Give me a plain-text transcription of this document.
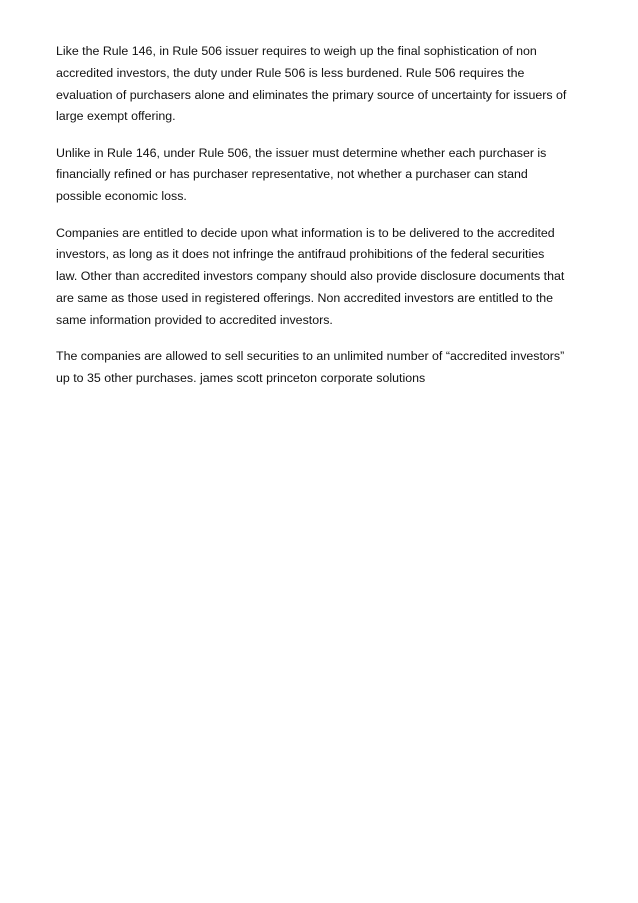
Like the Rule 146, in Rule 506 issuer requires to weigh up the final sophistication of non
accredited investors, the duty under Rule 506 is less burdened. Rule 506 requires the
evaluation of purchasers alone and eliminates the primary source of uncertainty for issuers of
large exempt offering.

Unlike in Rule 146, under Rule 506, the issuer must determine whether each purchaser is
financially refined or has purchaser representative, not whether a purchaser can stand
possible economic loss.

Companies are entitled to decide upon what information is to be delivered to the accredited
investors, as long as it does not infringe the antifraud prohibitions of the federal securities
law. Other than accredited investors company should also provide disclosure documents that
are same as those used in registered offerings. Non accredited investors are entitled to the
same information provided to accredited investors.

The companies are allowed to sell securities to an unlimited number of “accredited investors”
up to 35 other purchases. james scott princeton corporate solutions
